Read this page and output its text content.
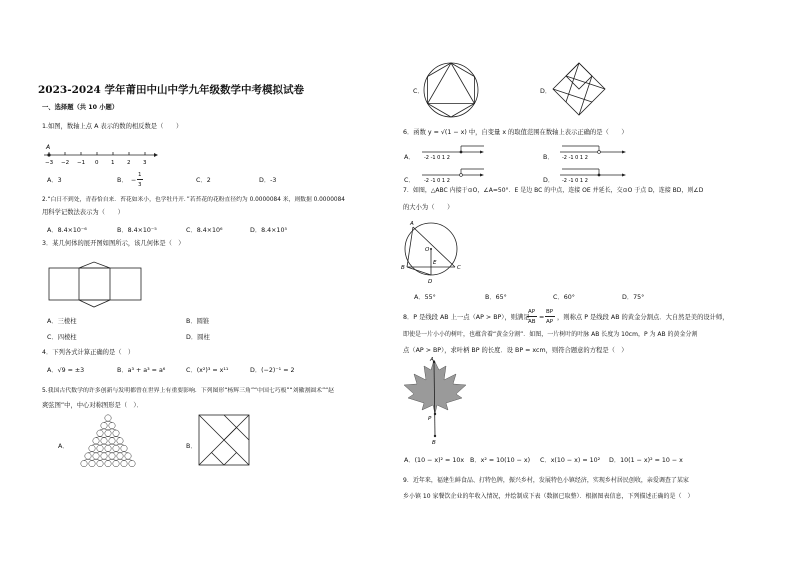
2023-2024 学年莆田中山中学九年级数学中考模拟试卷
一、选择题（共 10 小题）
1.如图，数轴上点 A 表示的数的相反数是（　　）
A
−3 −2 −1 0 1 2 3
A．3	B． −
1
3
C．2	D．-3
2.“白日不到处，青春恰自来．苔花如米小，也学牡丹开．”若苔花的花粉直径约为 0.0000084 米，则数据 0.0000084
用科学记数法表示为（　　）
A．8.4×10⁻⁶	B．8.4×10⁻⁵	C．8.4×10⁶	D．8.4×10⁵
3．某几何体的展开图如图所示，该几何体是（　）
A．三棱柱	B．圆锥
C．四棱柱	D．圆柱
4．下列各式计算正确的是（　）
A．√9 = ±3	B．a³ + a³ = a⁶	C．(x²)³ = x¹¹	D．(−2)⁻¹ = 2
5.我国古代数学的许多创新与发明都曾在世界上有重要影响．下列图形“杨辉三角”“中国七巧板”“刘徽割圆术”“赵
爽弦图”中，中心对称图形是（　）．
A．	B．
C．	D．
6．函数 y = √(1 − x) 中，自变量 x 的取值范围在数轴上表示正确的是（　　）
A． -2 -1 0 1 2	B． -2 -1 0 1 2
C． -2 -1 0 1 2	D． -2 -1 0 1 2
7．如图，△ABC 内接于⊙O，∠A=50°．E 是边 BC 的中点，连接 OE 并延长，交⊙O 于点 D，连接 BD，则∠D
的大小为（　　）
A
O
E
B	C
D
A．55°	B．65°	C．60°	D．75°
8．P 是线段 AB 上一点（AP > BP），则满足
AP
AB
=
BP
AP
，则称点 P 是线段 AB 的黄金分割点．大自然是美的设计师，
即使是一片小小的树叶，也蕴含着“黄金分割”．如图，一片树叶的叶脉 AB 长度为 10cm，P 为 AB 的黄金分割
点（AP > BP），求叶柄 BP 的长度．设 BP = xcm，则符合题意的方程是（　）
A
P
B
A．(10 − x)² = 10x B．x² = 10(10 − x) C．x(10 − x) = 10² D．10(1 − x)² = 10 − x
9．近年来，福建生鲜食品、打特色牌，振兴乡村，发展特色小镇经济，实现乡村居民创收，亲爱调查了某家
乡小镇 10 家餐饮企业的年收入情况，并绘制成下表（数据已取整）．根据图表信息，下列描述正确的是（　）
